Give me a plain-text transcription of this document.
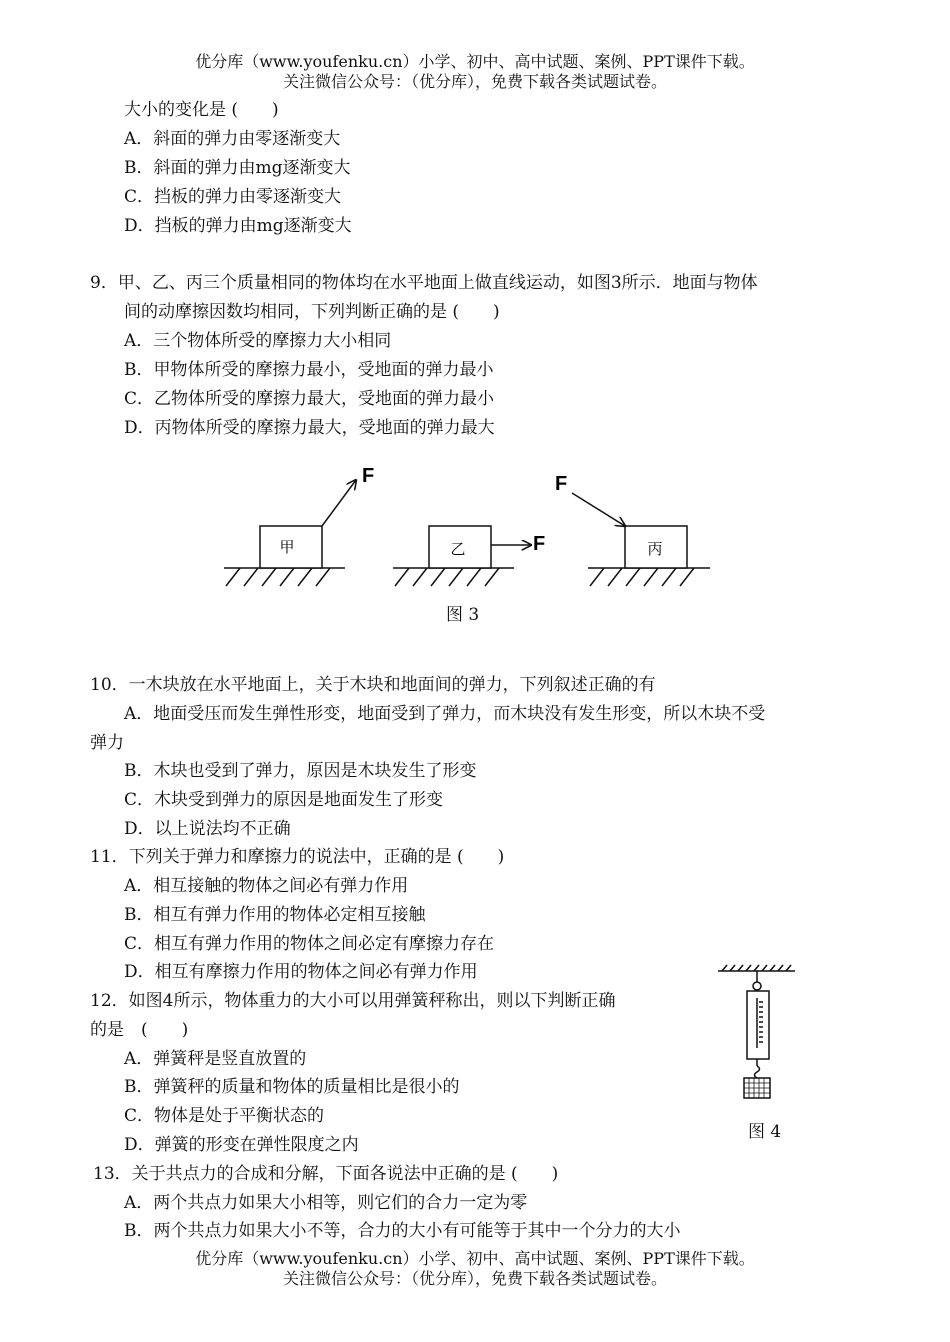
优分库（www.youfenku.cn）小学、初中、高中试题、案例、PPT课件下载。
关注微信公众号：（优分库），免费下载各类试题试卷。
大小的变化是 (　　)
A．斜面的弹力由零逐渐变大
B．斜面的弹力由mg逐渐变大
C．挡板的弹力由零逐渐变大
D．挡板的弹力由mg逐渐变大
9．甲、乙、丙三个质量相同的物体均在水平地面上做直线运动，如图3所示．地面与物体
间的动摩擦因数均相同，下列判断正确的是 (　　)
A．三个物体所受的摩擦力大小相同
B．甲物体所受的摩擦力最小，受地面的弹力最小
C．乙物体所受的摩擦力最大，受地面的弹力最小
D．丙物体所受的摩擦力最大，受地面的弹力最大
甲
F
乙	F	丙
F
图 3
10．一木块放在水平地面上，关于木块和地面间的弹力，下列叙述正确的有
A．地面受压而发生弹性形变，地面受到了弹力，而木块没有发生形变，所以木块不受
弹力
B．木块也受到了弹力，原因是木块发生了形变
C．木块受到弹力的原因是地面发生了形变
D．以上说法均不正确
11．下列关于弹力和摩擦力的说法中，正确的是 (　　)
A．相互接触的物体之间必有弹力作用
B．相互有弹力作用的物体必定相互接触
C．相互有弹力作用的物体之间必定有摩擦力存在
D．相互有摩擦力作用的物体之间必有弹力作用
12．如图4所示，物体重力的大小可以用弹簧秤称出，则以下判断正确
的是　(　　)
A．弹簧秤是竖直放置的
B．弹簧秤的质量和物体的质量相比是很小的
C．物体是处于平衡状态的
D．弹簧的形变在弹性限度之内
图 4
13．关于共点力的合成和分解，下面各说法中正确的是 (　　)
A．两个共点力如果大小相等，则它们的合力一定为零
B．两个共点力如果大小不等，合力的大小有可能等于其中一个分力的大小
优分库（www.youfenku.cn）小学、初中、高中试题、案例、PPT课件下载。
关注微信公众号：（优分库），免费下载各类试题试卷。
